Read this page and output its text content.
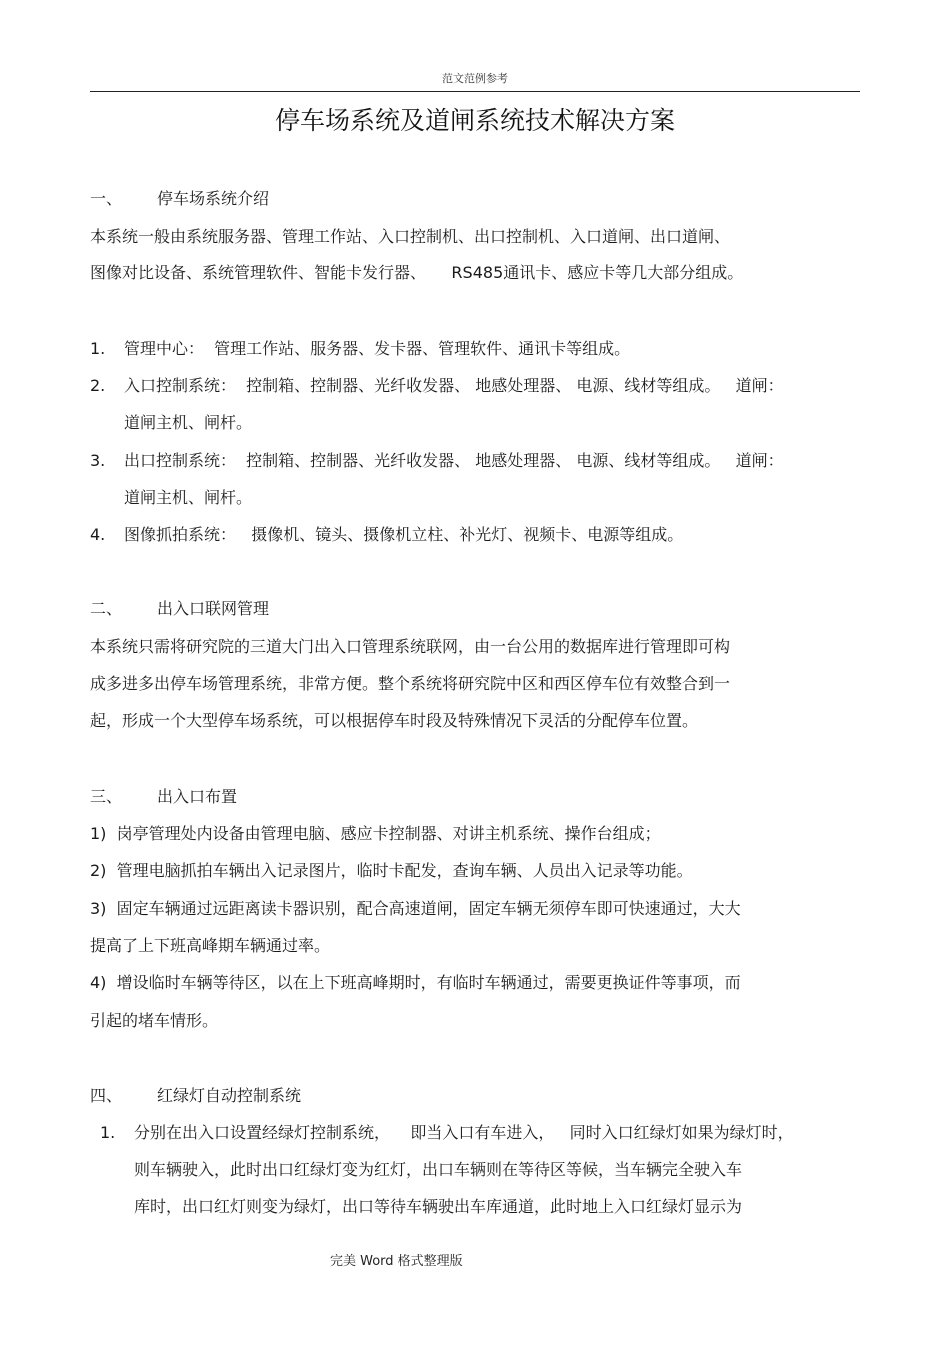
范文范例参考
停车场系统及道闸系统技术解决方案
一、 停车场系统介绍
本系统一般由系统服务器、管理工作站、入口控制机、出口控制机、入口道闸、出口道闸、
图像对比设备、系统管理软件、智能卡发行器、     RS485通讯卡、感应卡等几大部分组成。
1. 管理中心：  管理工作站、服务器、发卡器、管理软件、通讯卡等组成。
2. 入口控制系统：  控制箱、控制器、光纤收发器、 地感处理器、 电源、线材等组成。   道闸：
道闸主机、闸杆。
3. 出口控制系统：  控制箱、控制器、光纤收发器、 地感处理器、 电源、线材等组成。   道闸：
道闸主机、闸杆。
4. 图像抓拍系统：   摄像机、镜头、摄像机立柱、补光灯、视频卡、电源等组成。
二、 出入口联网管理
本系统只需将研究院的三道大门出入口管理系统联网，由一台公用的数据库进行管理即可构
成多进多出停车场管理系统，非常方便。整个系统将研究院中区和西区停车位有效整合到一
起，形成一个大型停车场系统，可以根据停车时段及特殊情况下灵活的分配停车位置。
三、 出入口布置
1)  岗亭管理处内设备由管理电脑、感应卡控制器、对讲主机系统、操作台组成；
2)  管理电脑抓拍车辆出入记录图片，临时卡配发，查询车辆、人员出入记录等功能。
3)  固定车辆通过远距离读卡器识别，配合高速道闸，固定车辆无须停车即可快速通过，大大
提高了上下班高峰期车辆通过率。
4)  增设临时车辆等待区，以在上下班高峰期时，有临时车辆通过，需要更换证件等事项，而
引起的堵车情形。
四、 红绿灯自动控制系统
1. 分别在出入口设置经绿灯控制系统，    即当入口有车进入，   同时入口红绿灯如果为绿灯时，
则车辆驶入，此时出口红绿灯变为红灯，出口车辆则在等待区等候，当车辆完全驶入车
库时，出口红灯则变为绿灯，出口等待车辆驶出车库通道，此时地上入口红绿灯显示为
完美 Word 格式整理版
